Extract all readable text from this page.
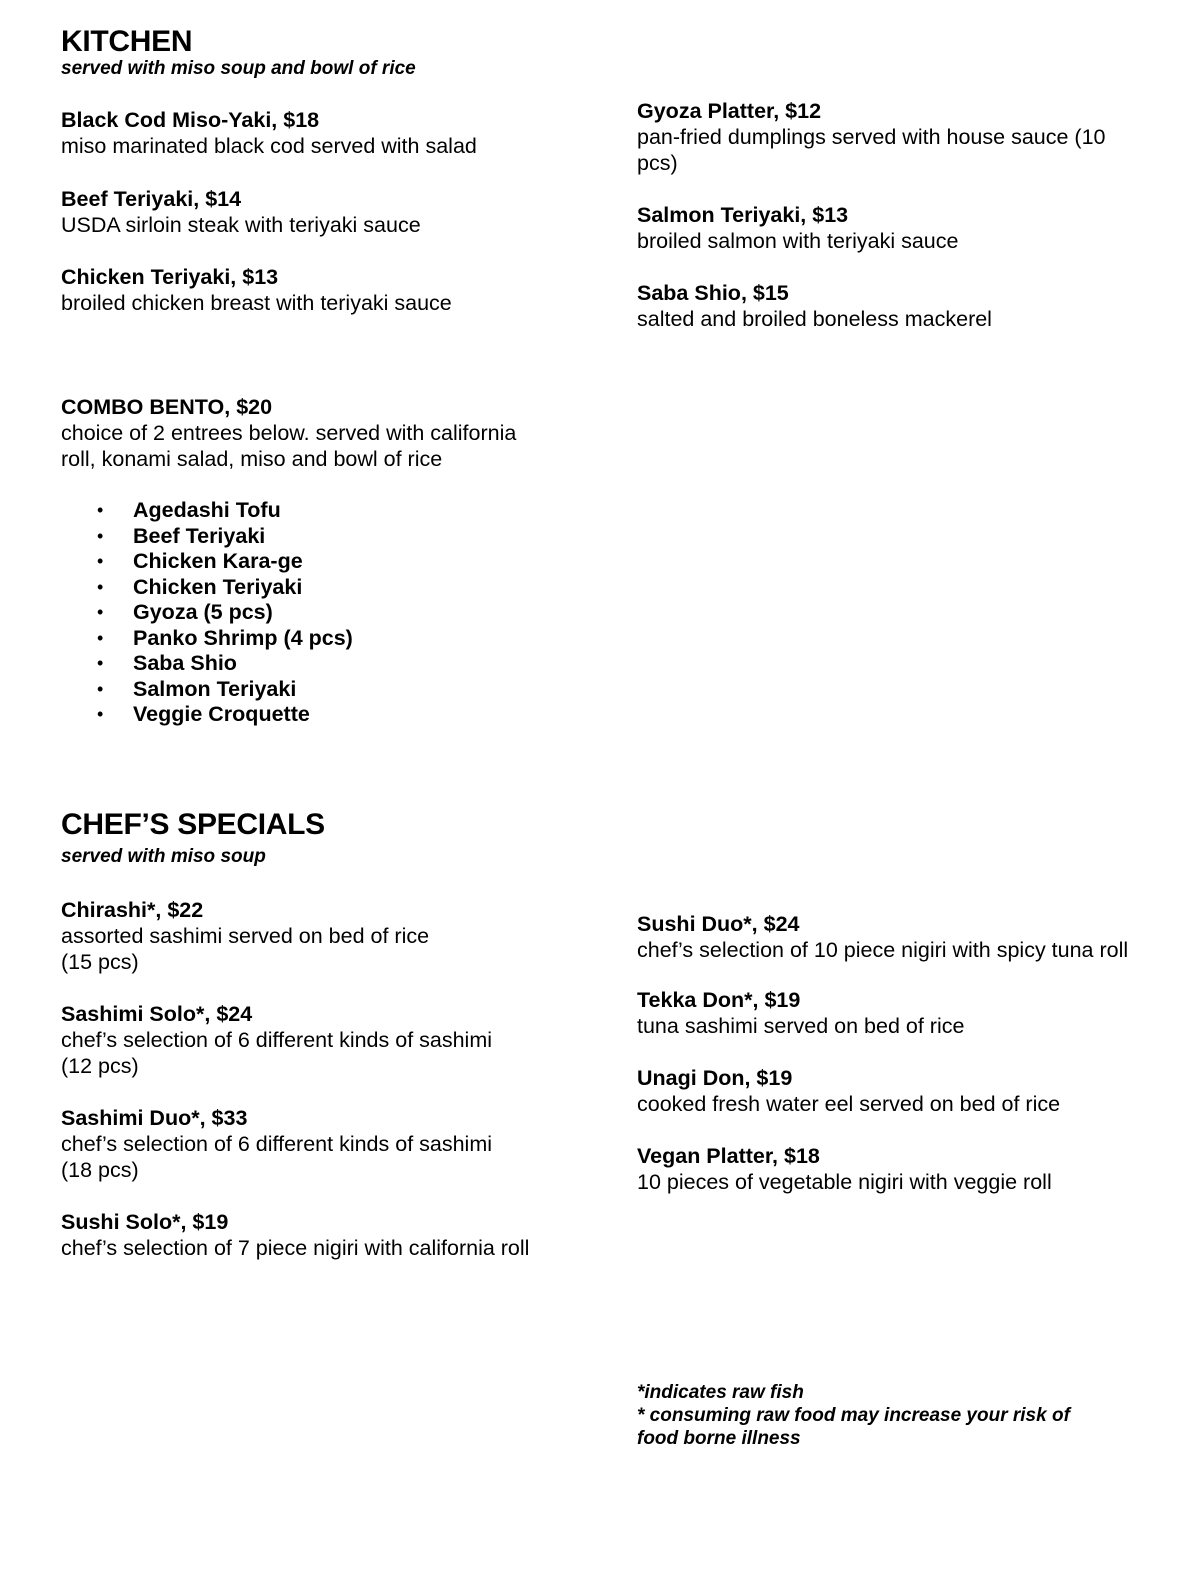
KITCHEN
served with miso soup and bowl of rice
Black Cod Miso-Yaki, $18
miso marinated black cod served with salad
Beef Teriyaki, $14
USDA sirloin steak with teriyaki sauce
Chicken Teriyaki, $13
broiled chicken breast with teriyaki sauce
Gyoza Platter, $12
pan-fried dumplings served with house sauce (10
pcs)
Salmon Teriyaki, $13
broiled salmon with teriyaki sauce
Saba Shio, $15
salted and broiled boneless mackerel
COMBO BENTO, $20
choice of 2 entrees below. served with california
roll, konami salad, miso and bowl of rice
• Agedashi Tofu
• Beef Teriyaki
• Chicken Kara-ge
• Chicken Teriyaki
• Gyoza (5 pcs)
• Panko Shrimp (4 pcs)
• Saba Shio
• Salmon Teriyaki
• Veggie Croquette
CHEF’S SPECIALS
served with miso soup
Chirashi*, $22
assorted sashimi served on bed of rice
(15 pcs)
Sashimi Solo*, $24
chef’s selection of 6 different kinds of sashimi
(12 pcs)
Sashimi Duo*, $33
chef’s selection of 6 different kinds of sashimi
(18 pcs)
Sushi Solo*, $19
chef’s selection of 7 piece nigiri with california roll
Sushi Duo*, $24
chef’s selection of 10 piece nigiri with spicy tuna roll
Tekka Don*, $19
tuna sashimi served on bed of rice
Unagi Don, $19
cooked fresh water eel served on bed of rice
Vegan Platter, $18
10 pieces of vegetable nigiri with veggie roll
*indicates raw fish
* consuming raw food may increase your risk of
food borne illness
